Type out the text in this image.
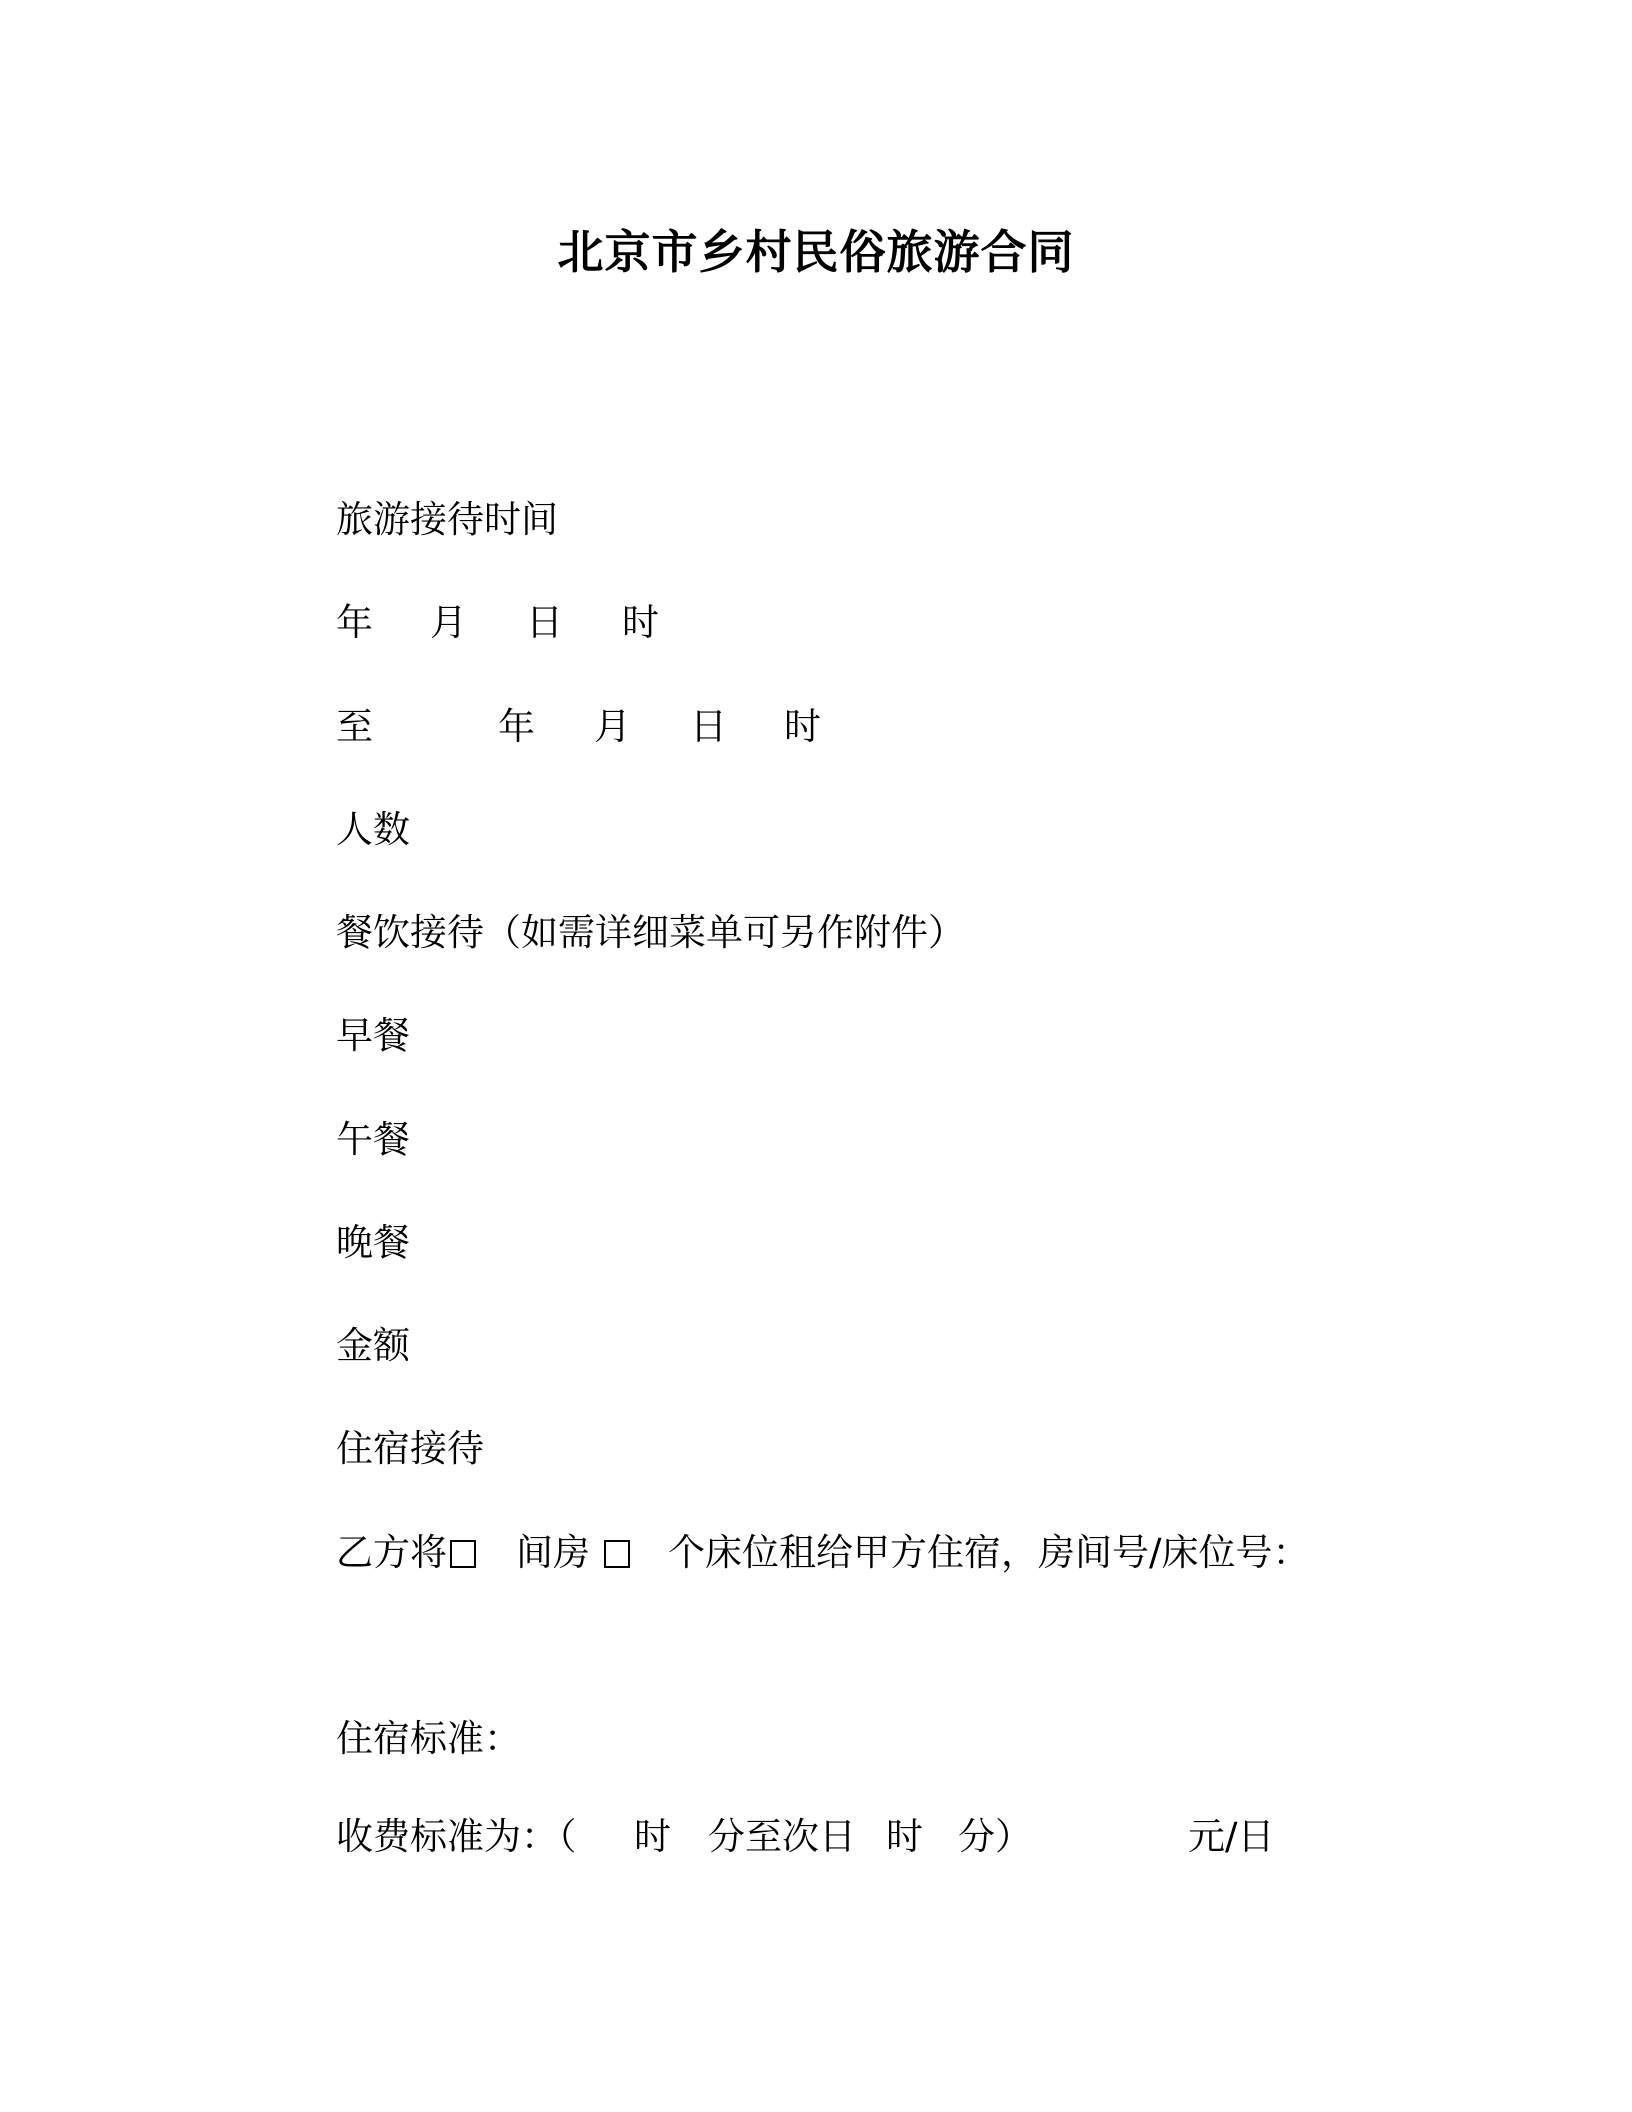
北京市乡村民俗旅游合同
旅游接待时间
年 月 日 时
至	年 月 日 时
人数
餐饮接待（如需详细菜单可另作附件）
早餐
午餐
晚餐
金额
住宿接待
乙方将 间房 个床位租给甲方住宿，房间号/床位号：
住宿标准：
收费标准为：（ 时 分至次日 时 分）	元/日
